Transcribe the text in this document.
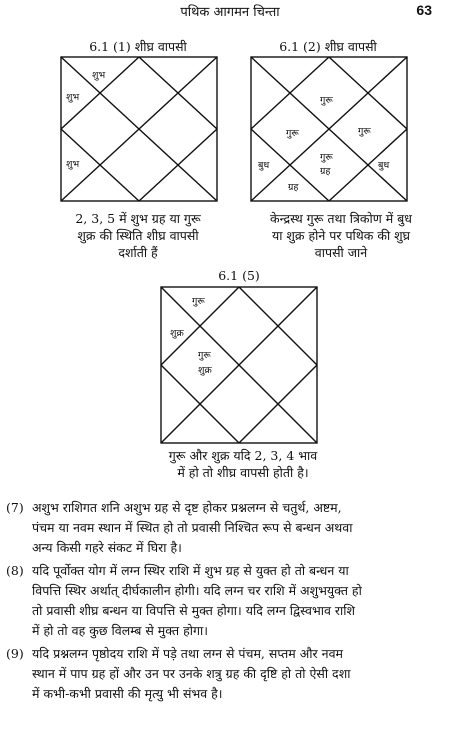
पथिक आगमन चिन्ता	63
6.1 (1) शीघ्र वापसी
शुभ
शुभ
शुभ
2, 3, 5 में शुभ ग्रह या गुरू
शुक्र की स्थिति शीघ्र वापसी
दर्शाती हैं
6.1 (2) शीघ्र वापसी
गुरू
गुरू	गुरू
गुरू
ग्रह
बुध	बुध
ग्रह
केन्द्रस्थ गुरू तथा त्रिकोण में बुध
या शुक्र होने पर पथिक की शुघ्र
वापसी जाने
6.1 (5)
गुरू
शुक्र
गुरू
शुक्र
गुरू और शुक्र यदि 2, 3, 4 भाव
में हो तो शीघ्र वापसी होती है।
(7) अशुभ राशिगत शनि अशुभ ग्रह से दृष्ट होकर प्रश्नलग्न से चतुर्थ, अष्टम,
पंचम या नवम स्थान में स्थित हो तो प्रवासी निश्चित रूप से बन्धन अथवा
अन्य किसी गहरे संकट में घिरा है।
(8) यदि पूर्वोक्त योग में लग्न स्थिर राशि में शुभ ग्रह से युक्त हो तो बन्धन या
विपत्ति स्थिर अर्थात् दीर्घकालीन होगी। यदि लग्न चर राशि में अशुभयुक्त हो
तो प्रवासी शीघ्र बन्धन या विपत्ति से मुक्त होगा। यदि लग्न द्विस्वभाव राशि
में हो तो वह कुछ विलम्ब से मुक्त होगा।
(9) यदि प्रश्नलग्न पृष्ठोदय राशि में पड़े तथा लग्न से पंचम, सप्तम और नवम
स्थान में पाप ग्रह हों और उन पर उनके शत्रु ग्रह की दृष्टि हो तो ऐसी दशा
में कभी-कभी प्रवासी की मृत्यु भी संभव है।
